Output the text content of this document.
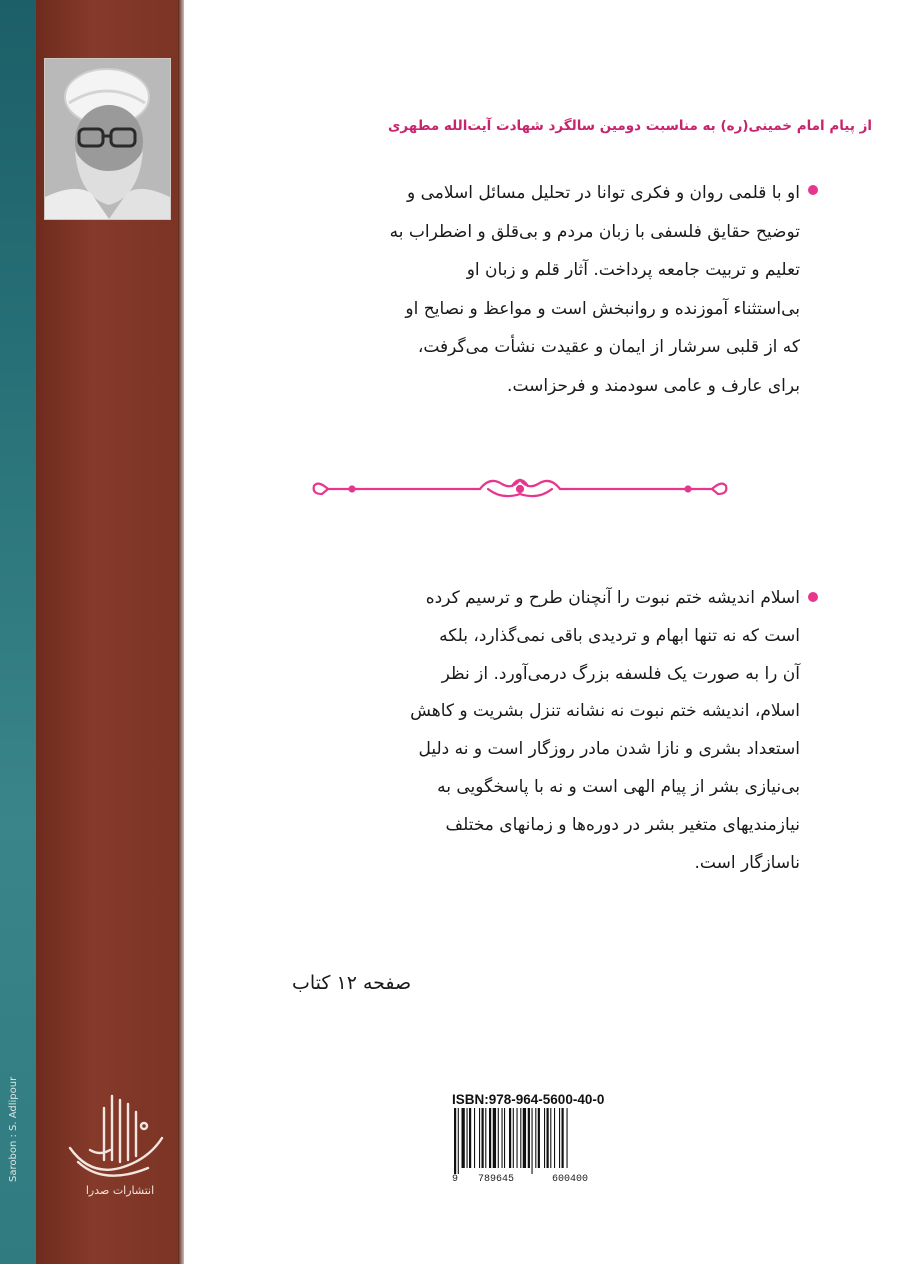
Sarobon : S. Adlipour
انتشارات صدرا
از پیام امام خمینی(ره) به مناسبت دومین سالگرد شهادت آیت‌الله مطهری
او با قلمی روان و فکری توانا در تحلیل مسائل اسلامی و
توضیح حقایق فلسفی با زبان مردم و بی‌قلق و اضطراب به
تعلیم و تربیت جامعه پرداخت. آثار قلم و زبان او
بی‌استثناء آموزنده و روانبخش است و مواعظ و نصایح او
که از قلبی سرشار از ایمان و عقیدت نشأت می‌گرفت،
برای عارف و عامی سودمند و فرحزاست.
اسلام اندیشه ختم نبوت را آنچنان طرح و ترسیم کرده
است که نه تنها ابهام و تردیدی باقی نمی‌گذارد، بلکه
آن را به صورت یک فلسفه بزرگ درمی‌آورد. از نظر
اسلام، اندیشه ختم نبوت نه نشانه تنزل بشریت و کاهش
استعداد بشری و نازا شدن مادر روزگار است و نه دلیل
بی‌نیازی بشر از پیام الهی است و نه با پاسخگویی به
نیازمندیهای متغیر بشر در دوره‌ها و زمانهای مختلف
ناسازگار است.
صفحه ۱۲ کتاب
ISBN:978-964-5600-40-0
9 789645	600400
